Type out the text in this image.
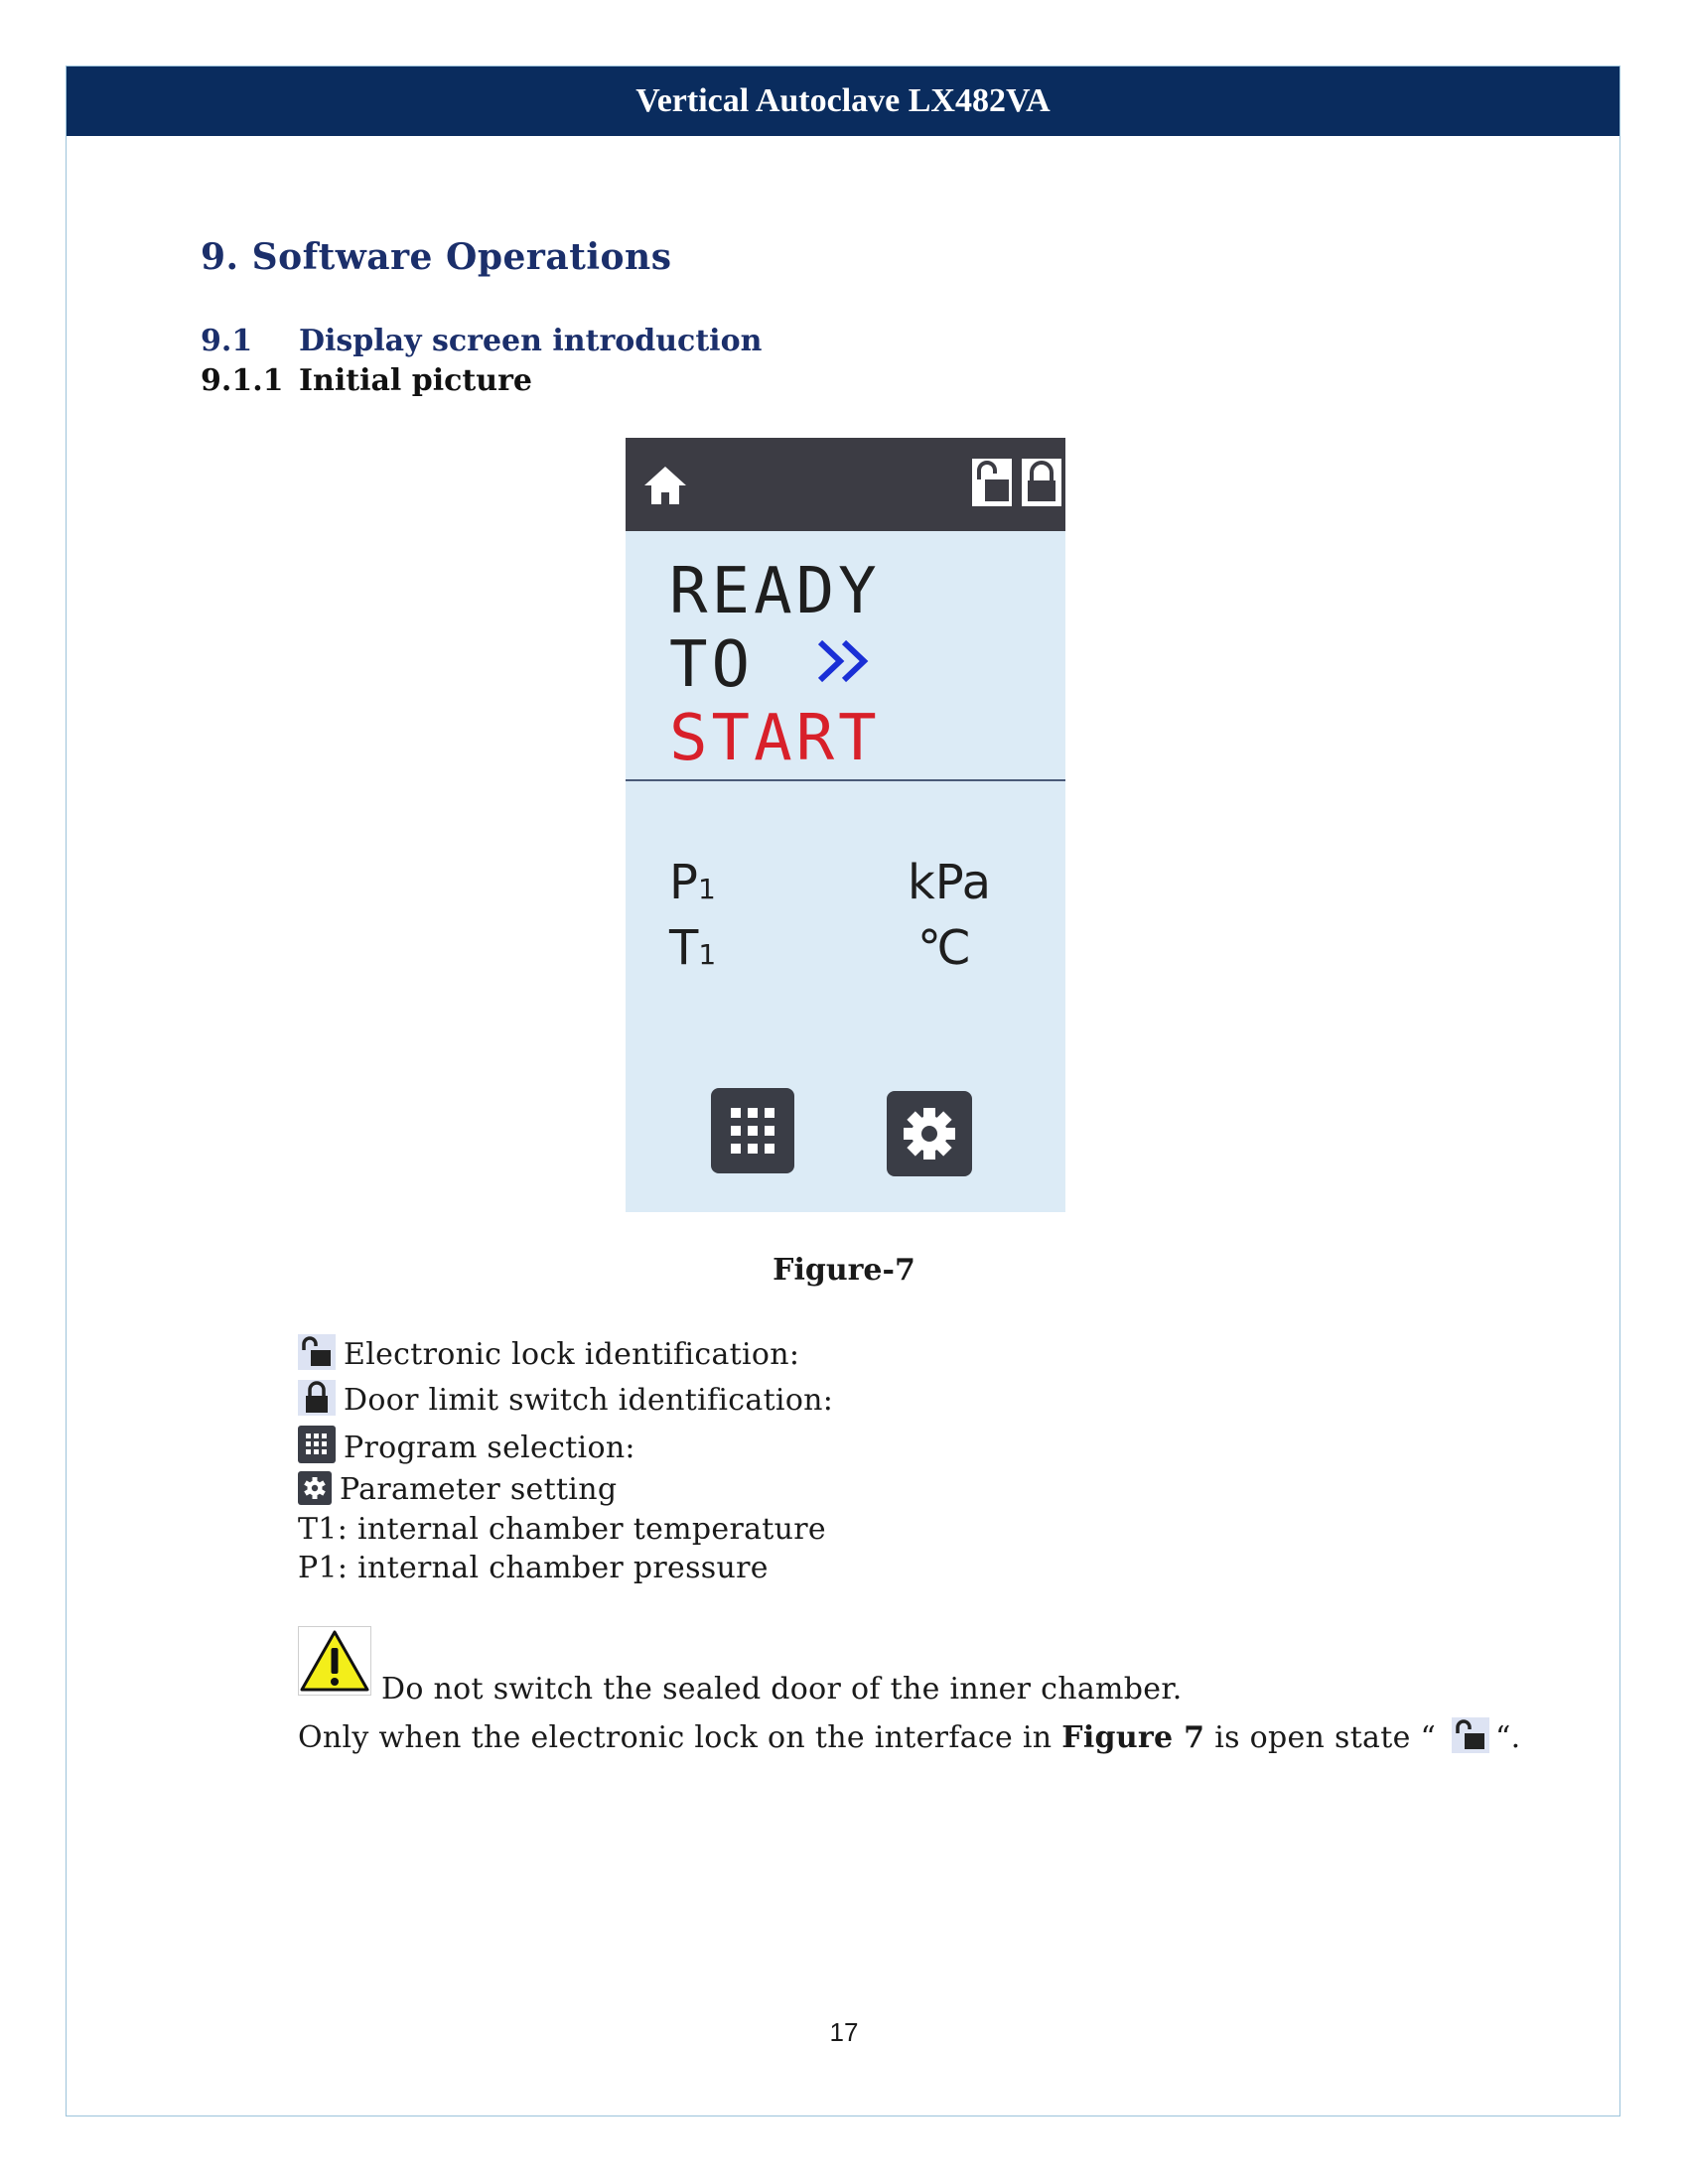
Vertical Autoclave LX482VA
9. Software Operations
9.1 Display screen introduction
9.1.1 Initial picture
READY
TO
START
P1	kPa
T1	℃
Figure-7
Electronic lock identification:
Door limit switch identification:
Program selection:
Parameter setting
T1: internal chamber temperature
P1: internal chamber pressure
Do not switch the sealed door of the inner chamber.
Only when the electronic lock on the interface in Figure 7 is open state “ “.
17
